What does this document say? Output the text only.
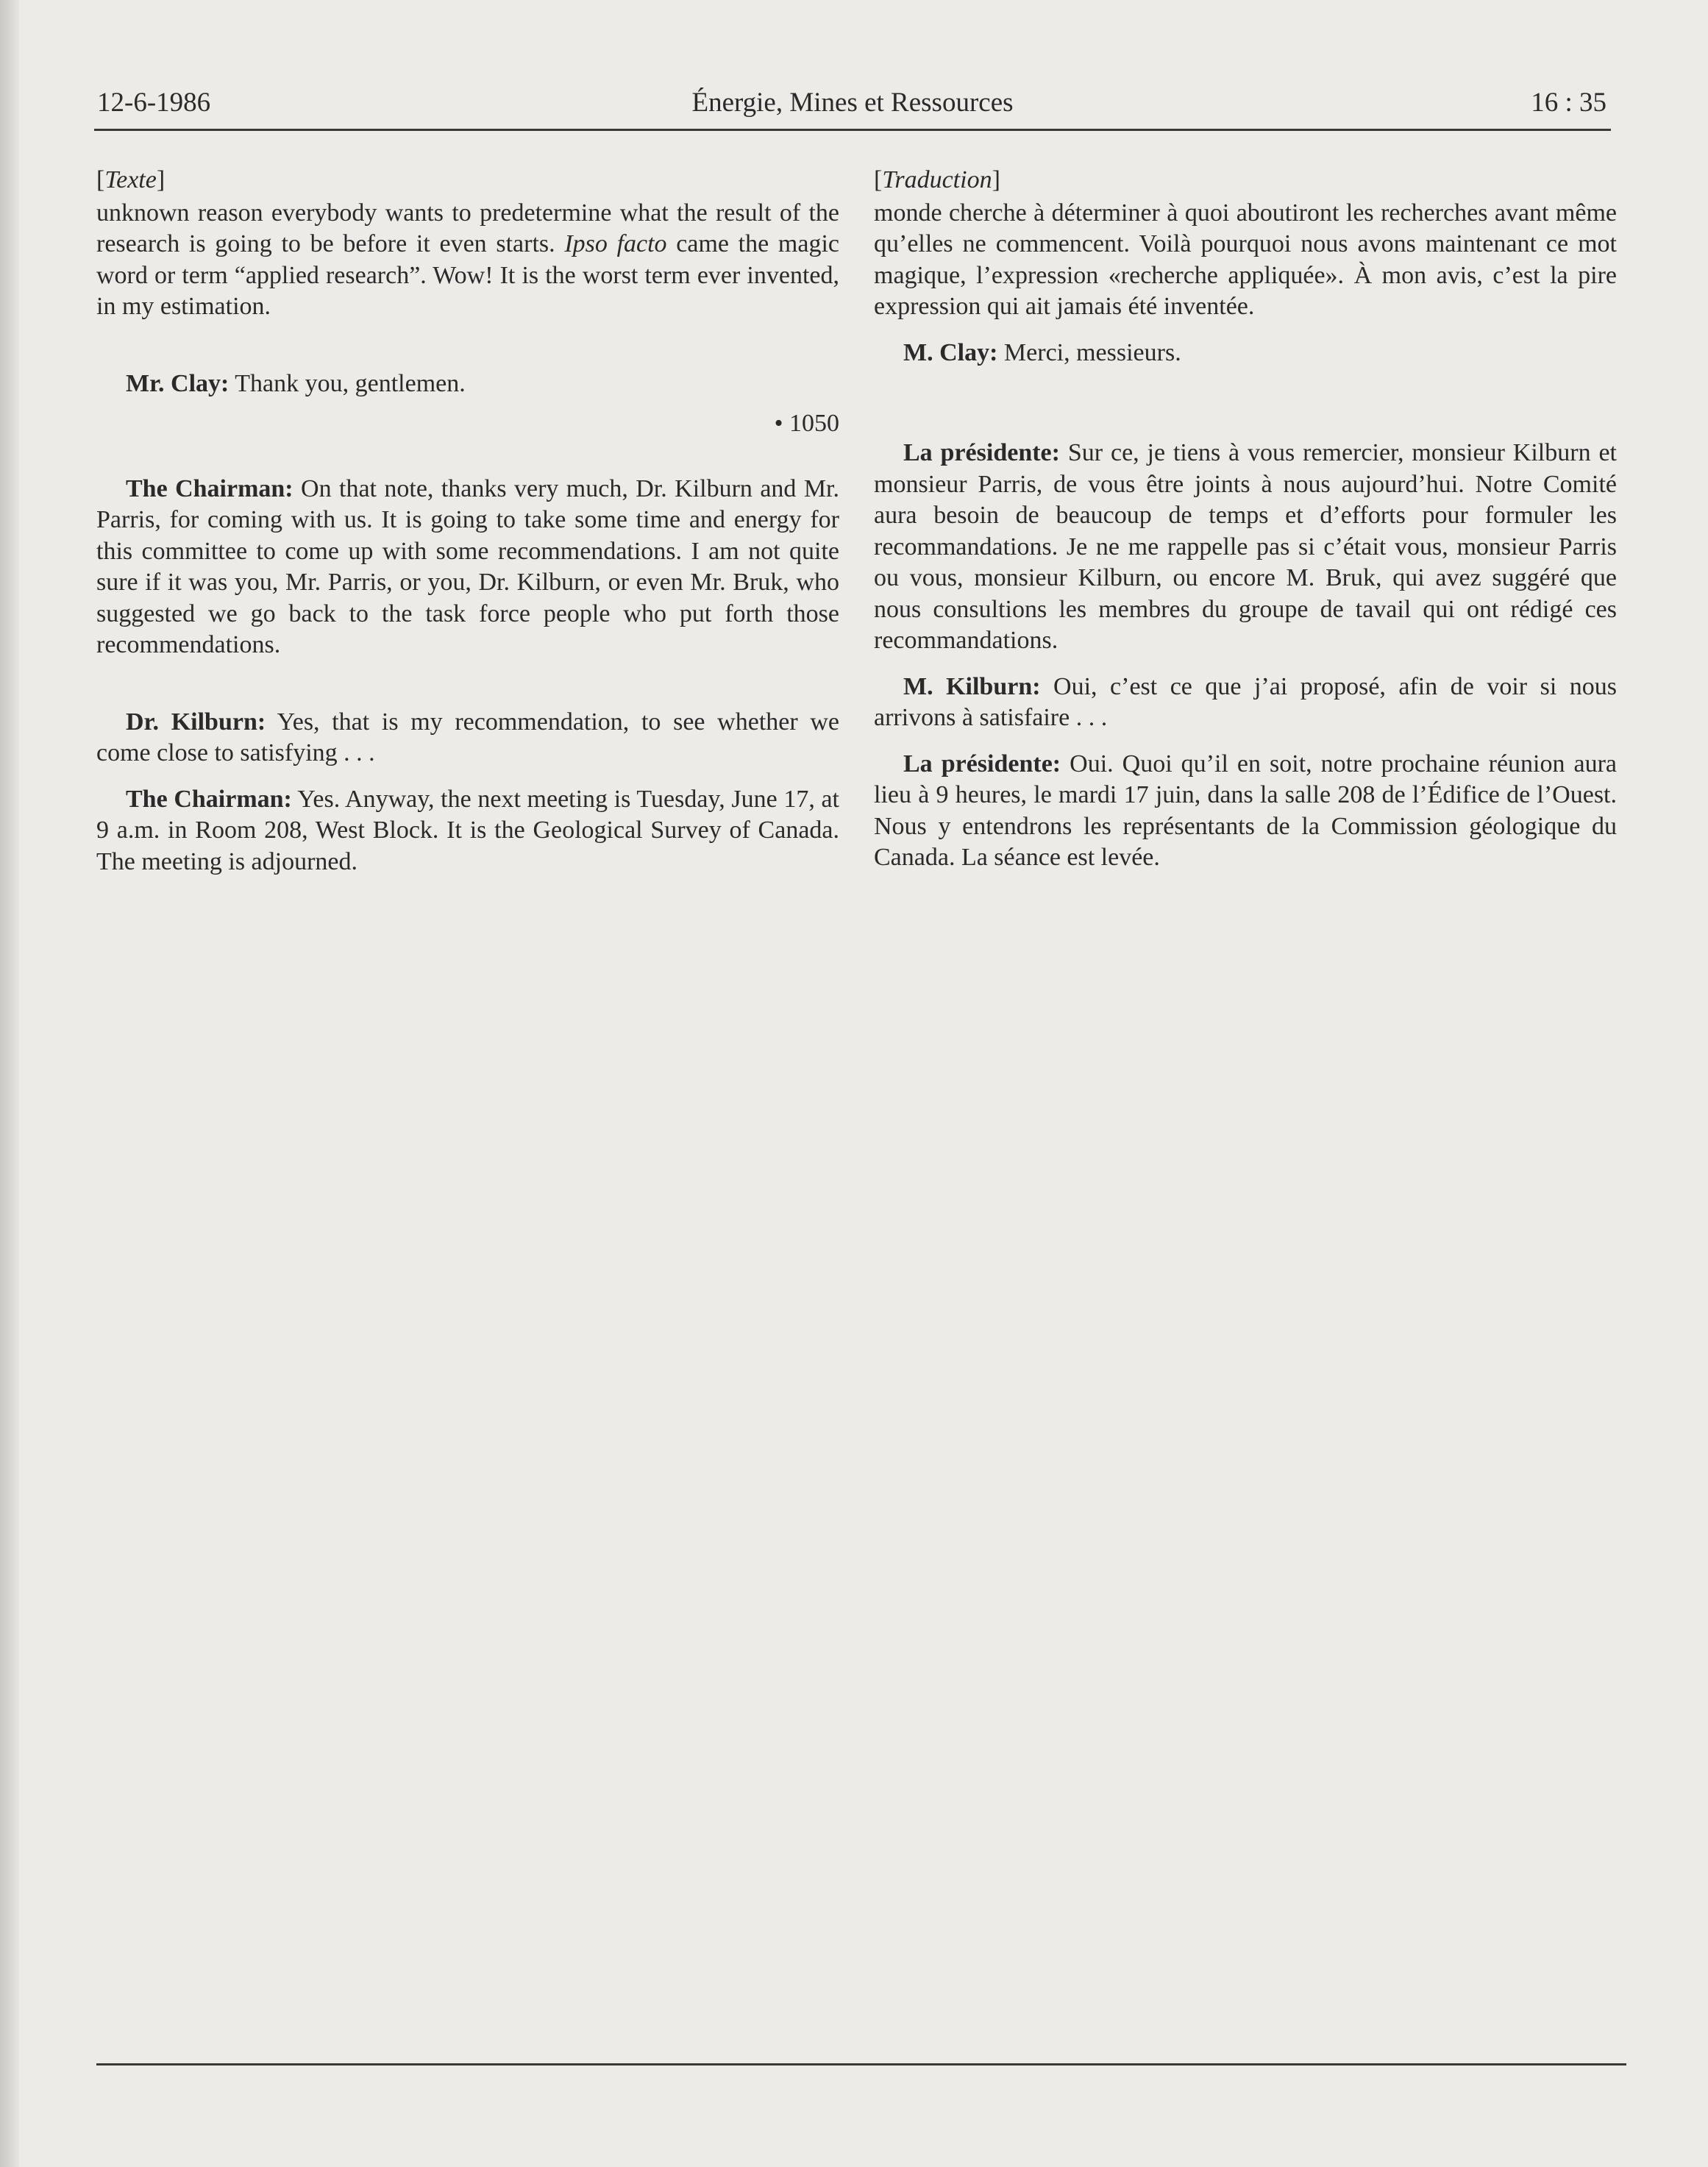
12-6-1986	Énergie, Mines et Ressources	16 : 35
[Texte]

unknown reason everybody wants to predetermine what the result of the research is going to be before it even starts. Ipso facto came the magic word or term “applied research”. Wow! It is the worst term ever invented, in my estimation.

Mr. Clay: Thank you, gentlemen.

• 1050

The Chairman: On that note, thanks very much, Dr. Kilburn and Mr. Parris, for coming with us. It is going to take some time and energy for this committee to come up with some recommendations. I am not quite sure if it was you, Mr. Parris, or you, Dr. Kilburn, or even Mr. Bruk, who suggested we go back to the task force people who put forth those recommendations.

Dr. Kilburn: Yes, that is my recommendation, to see whether we come close to satisfying . . .

The Chairman: Yes. Anyway, the next meeting is Tuesday, June 17, at 9 a.m. in Room 208, West Block. It is the Geological Survey of Canada. The meeting is adjourned.

[Traduction]

monde cherche à déterminer à quoi aboutiront les recherches avant même qu’elles ne commencent. Voilà pourquoi nous avons maintenant ce mot magique, l’expression «recherche appliquée». À mon avis, c’est la pire expression qui ait jamais été inventée.

M. Clay: Merci, messieurs.

La présidente: Sur ce, je tiens à vous remercier, monsieur Kilburn et monsieur Parris, de vous être joints à nous aujourd’hui. Notre Comité aura besoin de beaucoup de temps et d’efforts pour formuler les recommandations. Je ne me rappelle pas si c’était vous, monsieur Parris ou vous, monsieur Kilburn, ou encore M. Bruk, qui avez suggéré que nous consultions les membres du groupe de tavail qui ont rédigé ces recommandations.

M. Kilburn: Oui, c’est ce que j’ai proposé, afin de voir si nous arrivons à satisfaire . . .

La présidente: Oui. Quoi qu’il en soit, notre prochaine réunion aura lieu à 9 heures, le mardi 17 juin, dans la salle 208 de l’Édifice de l’Ouest. Nous y entendrons les représentants de la Commission géologique du Canada. La séance est levée.
